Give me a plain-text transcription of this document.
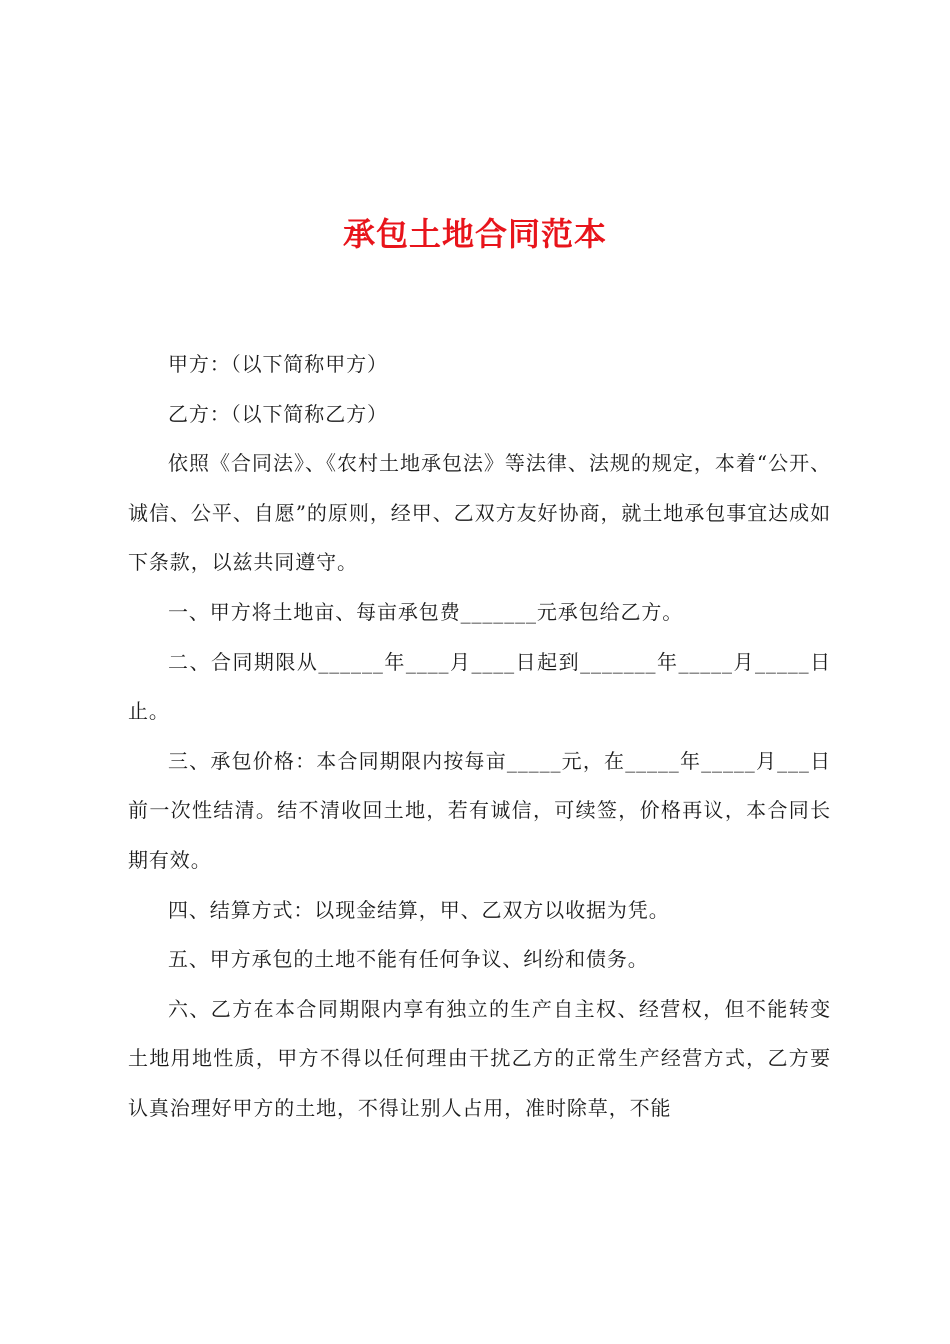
承包土地合同范本

甲方：（以下简称甲方）

乙方：（以下简称乙方）

依照《合同法》、《农村土地承包法》等法律、法规的规定，本着“公开、诚信、公平、自愿”的原则，经甲、乙双方友好协商，就土地承包事宜达成如下条款，以兹共同遵守。

一、甲方将土地亩、每亩承包费_______元承包给乙方。

二、合同期限从______年____月____日起到_______年_____月_____日止。

三、承包价格：本合同期限内按每亩_____元，在_____年_____月___日前一次性结清。结不清收回土地，若有诚信，可续签，价格再议，本合同长期有效。

四、结算方式：以现金结算，甲、乙双方以收据为凭。

五、甲方承包的土地不能有任何争议、纠纷和债务。

六、乙方在本合同期限内享有独立的生产自主权、经营权，但不能转变土地用地性质，甲方不得以任何理由干扰乙方的正常生产经营方式，乙方要认真治理好甲方的土地，不得让别人占用，准时除草，不能
